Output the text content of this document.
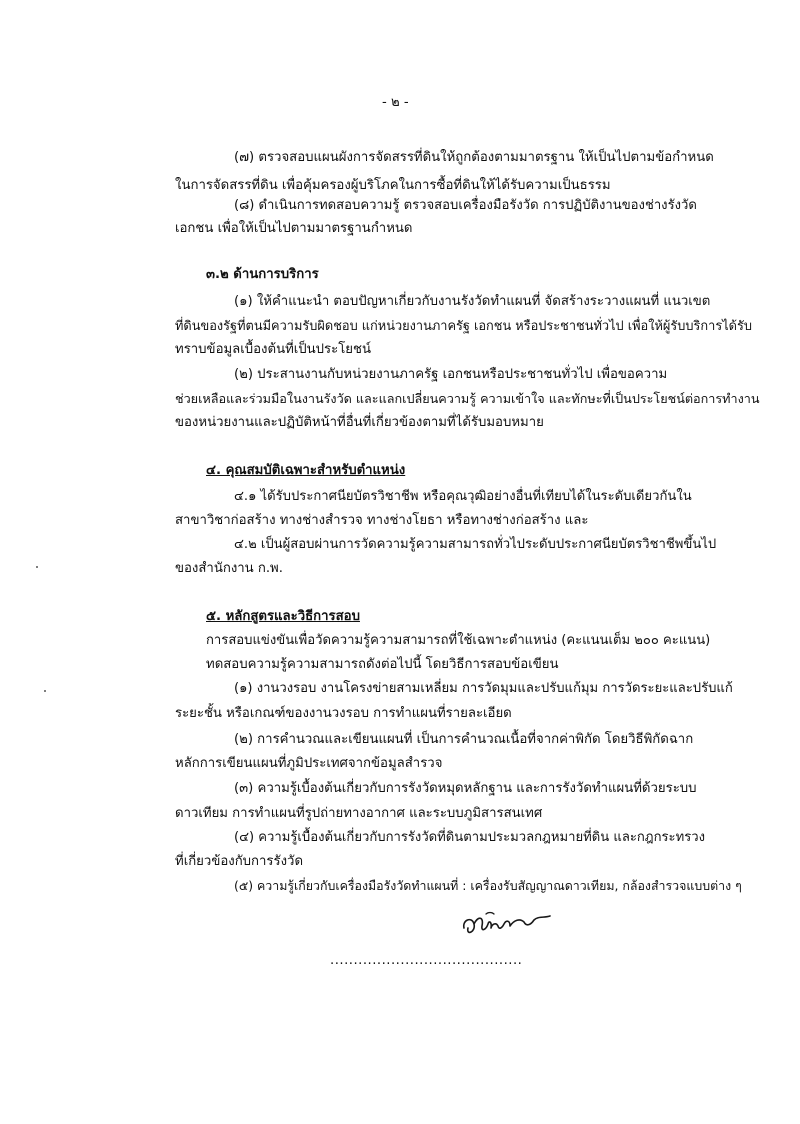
- ๒ -
(๗) ตรวจสอบแผนผังการจัดสรรที่ดินให้ถูกต้องตามมาตรฐาน ให้เป็นไปตามข้อกำหนด
ในการจัดสรรที่ดิน เพื่อคุ้มครองผู้บริโภคในการซื้อที่ดินให้ได้รับความเป็นธรรม
(๘) ดำเนินการทดสอบความรู้ ตรวจสอบเครื่องมือรังวัด การปฏิบัติงานของช่างรังวัด
เอกชน เพื่อให้เป็นไปตามมาตรฐานกำหนด
๓.๒ ด้านการบริการ
(๑) ให้คำแนะนำ ตอบปัญหาเกี่ยวกับงานรังวัดทำแผนที่ จัดสร้างระวางแผนที่ แนวเขต
ที่ดินของรัฐที่ตนมีความรับผิดชอบ แก่หน่วยงานภาครัฐ เอกชน หรือประชาชนทั่วไป เพื่อให้ผู้รับบริการได้รับ
ทราบข้อมูลเบื้องต้นที่เป็นประโยชน์
(๒) ประสานงานกับหน่วยงานภาครัฐ เอกชนหรือประชาชนทั่วไป เพื่อขอความ
ช่วยเหลือและร่วมมือในงานรังวัด และแลกเปลี่ยนความรู้ ความเข้าใจ และทักษะที่เป็นประโยชน์ต่อการทำงาน
ของหน่วยงานและปฏิบัติหน้าที่อื่นที่เกี่ยวข้องตามที่ได้รับมอบหมาย
๔. คุณสมบัติเฉพาะสำหรับตำแหน่ง
๔.๑ ได้รับประกาศนียบัตรวิชาชีพ หรือคุณวุฒิอย่างอื่นที่เทียบได้ในระดับเดียวกันใน
สาขาวิชาก่อสร้าง ทางช่างสำรวจ ทางช่างโยธา หรือทางช่างก่อสร้าง และ
๔.๒ เป็นผู้สอบผ่านการวัดความรู้ความสามารถทั่วไประดับประกาศนียบัตรวิชาชีพขึ้นไป
ของสำนักงาน ก.พ.
๕. หลักสูตรและวิธีการสอบ
การสอบแข่งขันเพื่อวัดความรู้ความสามารถที่ใช้เฉพาะตำแหน่ง (คะแนนเต็ม ๒๐๐ คะแนน)
ทดสอบความรู้ความสามารถดังต่อไปนี้ โดยวิธีการสอบข้อเขียน
(๑) งานวงรอบ งานโครงข่ายสามเหลี่ยม การวัดมุมและปรับแก้มุม การวัดระยะและปรับแก้
ระยะชั้น หรือเกณฑ์ของงานวงรอบ การทำแผนที่รายละเอียด
(๒) การคำนวณและเขียนแผนที่ เป็นการคำนวณเนื้อที่จากค่าพิกัด โดยวิธีพิกัดฉาก
หลักการเขียนแผนที่ภูมิประเทศจากข้อมูลสำรวจ
(๓) ความรู้เบื้องต้นเกี่ยวกับการรังวัดหมุดหลักฐาน และการรังวัดทำแผนที่ด้วยระบบ
ดาวเทียม การทำแผนที่รูปถ่ายทางอากาศ และระบบภูมิสารสนเทศ
(๔) ความรู้เบื้องต้นเกี่ยวกับการรังวัดที่ดินตามประมวลกฎหมายที่ดิน และกฎกระทรวง
ที่เกี่ยวข้องกับการรังวัด
(๕) ความรู้เกี่ยวกับเครื่องมือรังวัดทำแผนที่ : เครื่องรับสัญญาณดาวเทียม, กล้องสำรวจแบบต่าง ๆ
.........................................
